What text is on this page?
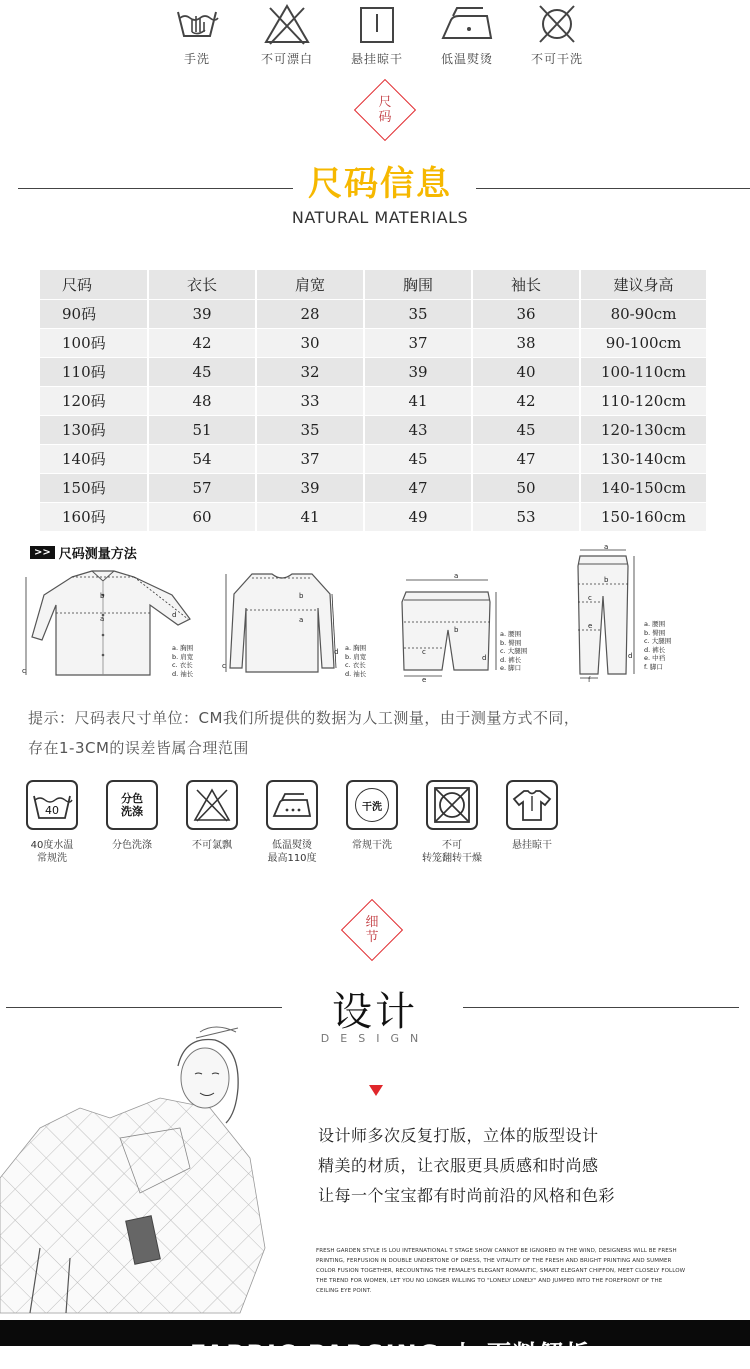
手洗	不可漂白	悬挂晾干	低温熨烫	不可干洗
尺
码
尺码信息
NATURAL MATERIALS
尺码	衣长	肩宽	胸围	袖长	建议身高
90码	39	28	35	36	80-90cm
100码	42	30	37	38	90-100cm
110码	45	32	39	40	100-110cm
120码	48	33	41	42	110-120cm
130码	51	35	43	45	120-130cm
140码	54	37	45	47	130-140cm
150码	57	39	47	50	140-150cm
160码	60	41	49	53	150-160cm
>> 尺码测量方法
b
a
c
d
a. 胸围
b. 肩宽
c. 衣长
d. 袖长
b
a
c
d a. 胸围
b. 肩宽
c. 衣长
d. 袖长
a
b
c
d
e
a. 腰围
b. 臀围
c. 大腿围
d. 裤长
e. 脚口
a
b
c
e
d
f
a. 腰围
b. 臀围
c. 大腿围
d. 裤长
e. 中裆
f. 脚口
提示：尺码表尺寸单位：CM我们所提供的数据为人工测量，由于测量方式不同，
存在1-3CM的误差皆属合理范围
40
40度水温
常规洗
分色
洗涤
分色洗涤	不可氯飘	低温熨烫
最高110度
干洗
常规干洗	不可
转笼翻转干燥
悬挂晾干
细
节
设计
DESIGN
设计师多次反复打版，立体的版型设计
精美的材质，让衣服更具质感和时尚感
让每一个宝宝都有时尚前沿的风格和色彩
FRESH GARDEN STYLE IS LOU INTERNATIONAL T STAGE SHOW CANNOT BE IGNORED IN THE WIND, DESIGNERS WILL BE FRESH PRINTING, FERFUSION IN DOUBLE UNDERTONE OF DRESS, THE VITALITY OF THE FRESH AND BRIGHT PRINTING AND SUMMER COLOR FUSION TOGETHER, RECOUNTING THE FEMALE'S ELEGANT ROMANTIC, SMART ELEGANT CHIFFON, MEET CLOSELY FOLLOW THE TREND FOR WOMEN, LET YOU NO LONGER WILLING TO "LONELY LONELY" AND JUMPED INTO THE FOREFRONT OF THE CEILING EYE POINT.
FABRIC PARSING 丨 面料解析
